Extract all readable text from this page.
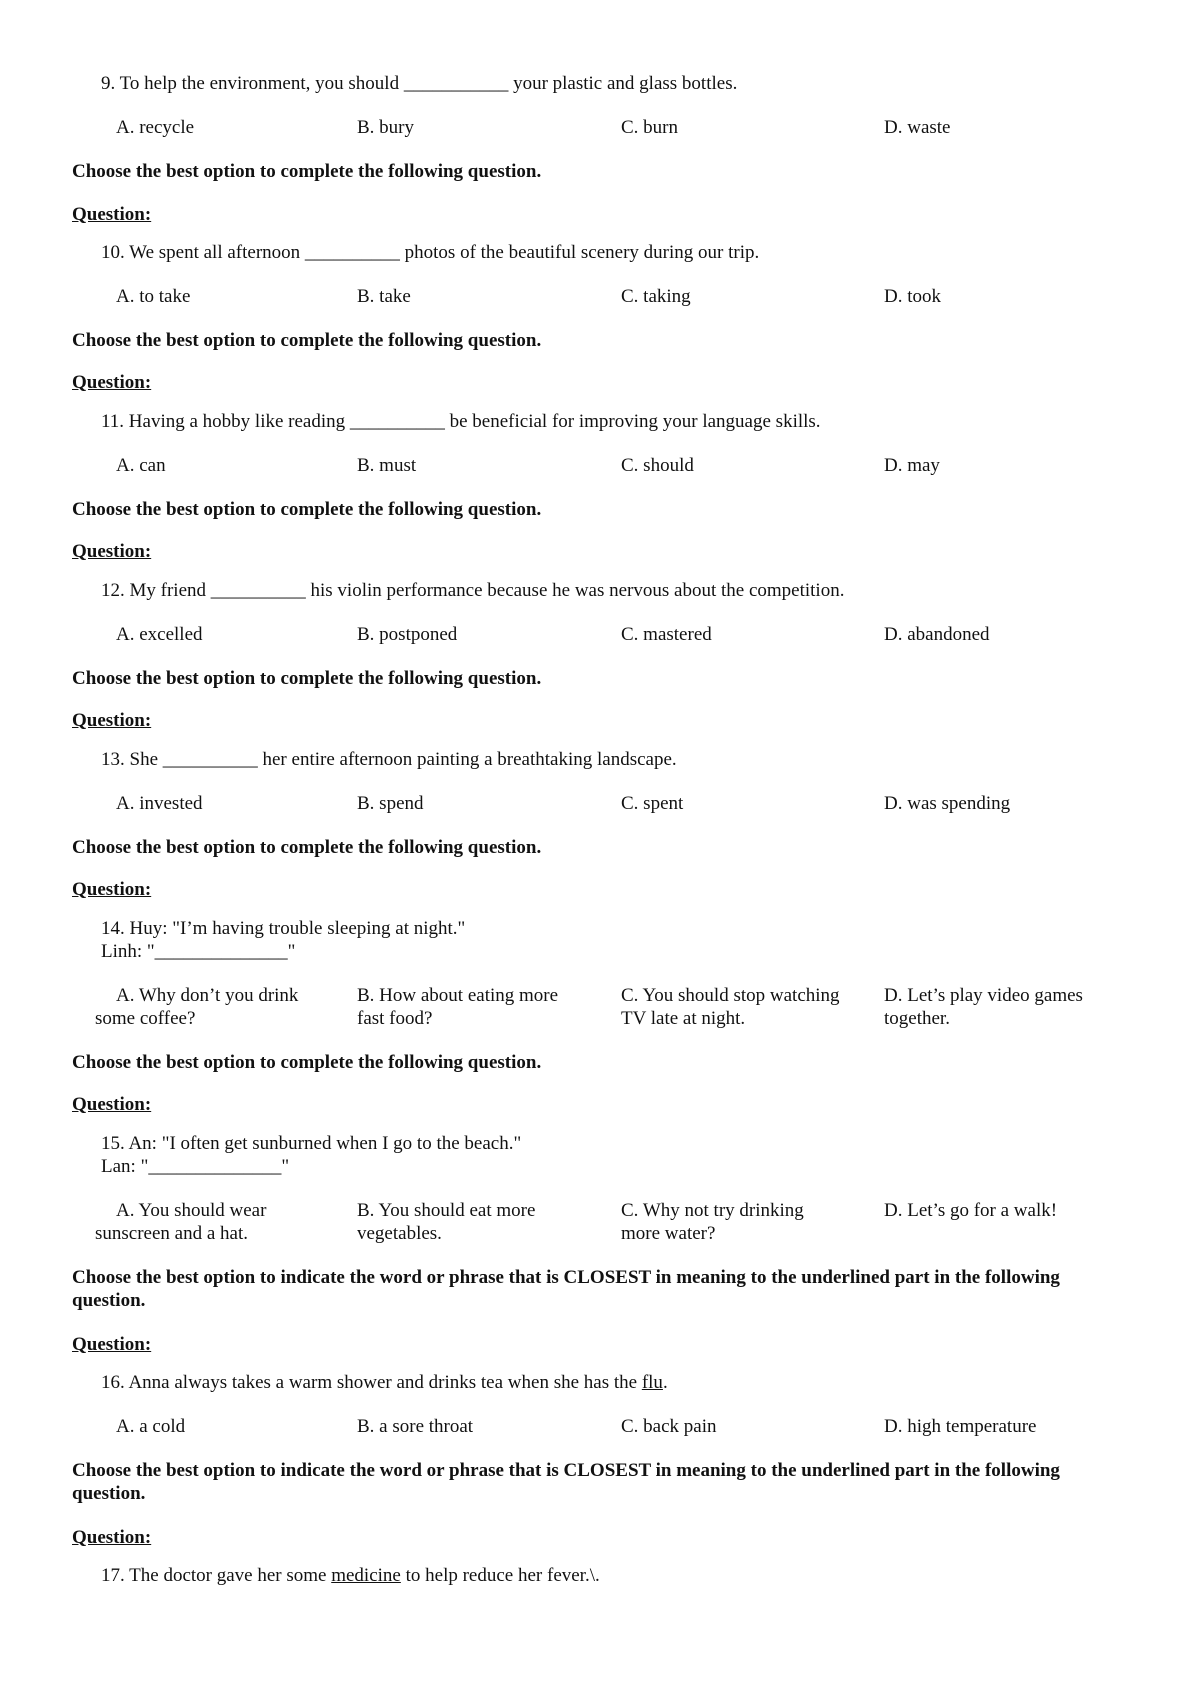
9. To help the environment, you should ___________ your plastic and glass bottles.
A. recycle	B. bury	C. burn	D. waste
Choose the best option to complete the following question.
Question:
10. We spent all afternoon __________ photos of the beautiful scenery during our trip.
A. to take	B. take	C. taking	D. took
Choose the best option to complete the following question.
Question:
11. Having a hobby like reading __________ be beneficial for improving your language skills.
A. can	B. must	C. should	D. may
Choose the best option to complete the following question.
Question:
12. My friend __________ his violin performance because he was nervous about the competition.
A. excelled	B. postponed	C. mastered	D. abandoned
Choose the best option to complete the following question.
Question:
13. She __________ her entire afternoon painting a breathtaking landscape.
A. invested	B. spend	C. spent	D. was spending
Choose the best option to complete the following question.
Question:
14. Huy: "I’m having trouble sleeping at night."
Linh: "______________"
A. Why don’t you drink
some coffee?
B. How about eating more
fast food?
C. You should stop watching
TV late at night.
D. Let’s play video games
together.
Choose the best option to complete the following question.
Question:
15. An: "I often get sunburned when I go to the beach."
Lan: "______________"
A. You should wear
sunscreen and a hat.
B. You should eat more
vegetables.
C. Why not try drinking
more water?
D. Let’s go for a walk!
Choose the best option to indicate the word or phrase that is CLOSEST in meaning to the underlined part in the following
question.
Question:
16. Anna always takes a warm shower and drinks tea when she has the flu.
A. a cold	B. a sore throat	C. back pain	D. high temperature
Choose the best option to indicate the word or phrase that is CLOSEST in meaning to the underlined part in the following
question.
Question:
17. The doctor gave her some medicine to help reduce her fever.\.
